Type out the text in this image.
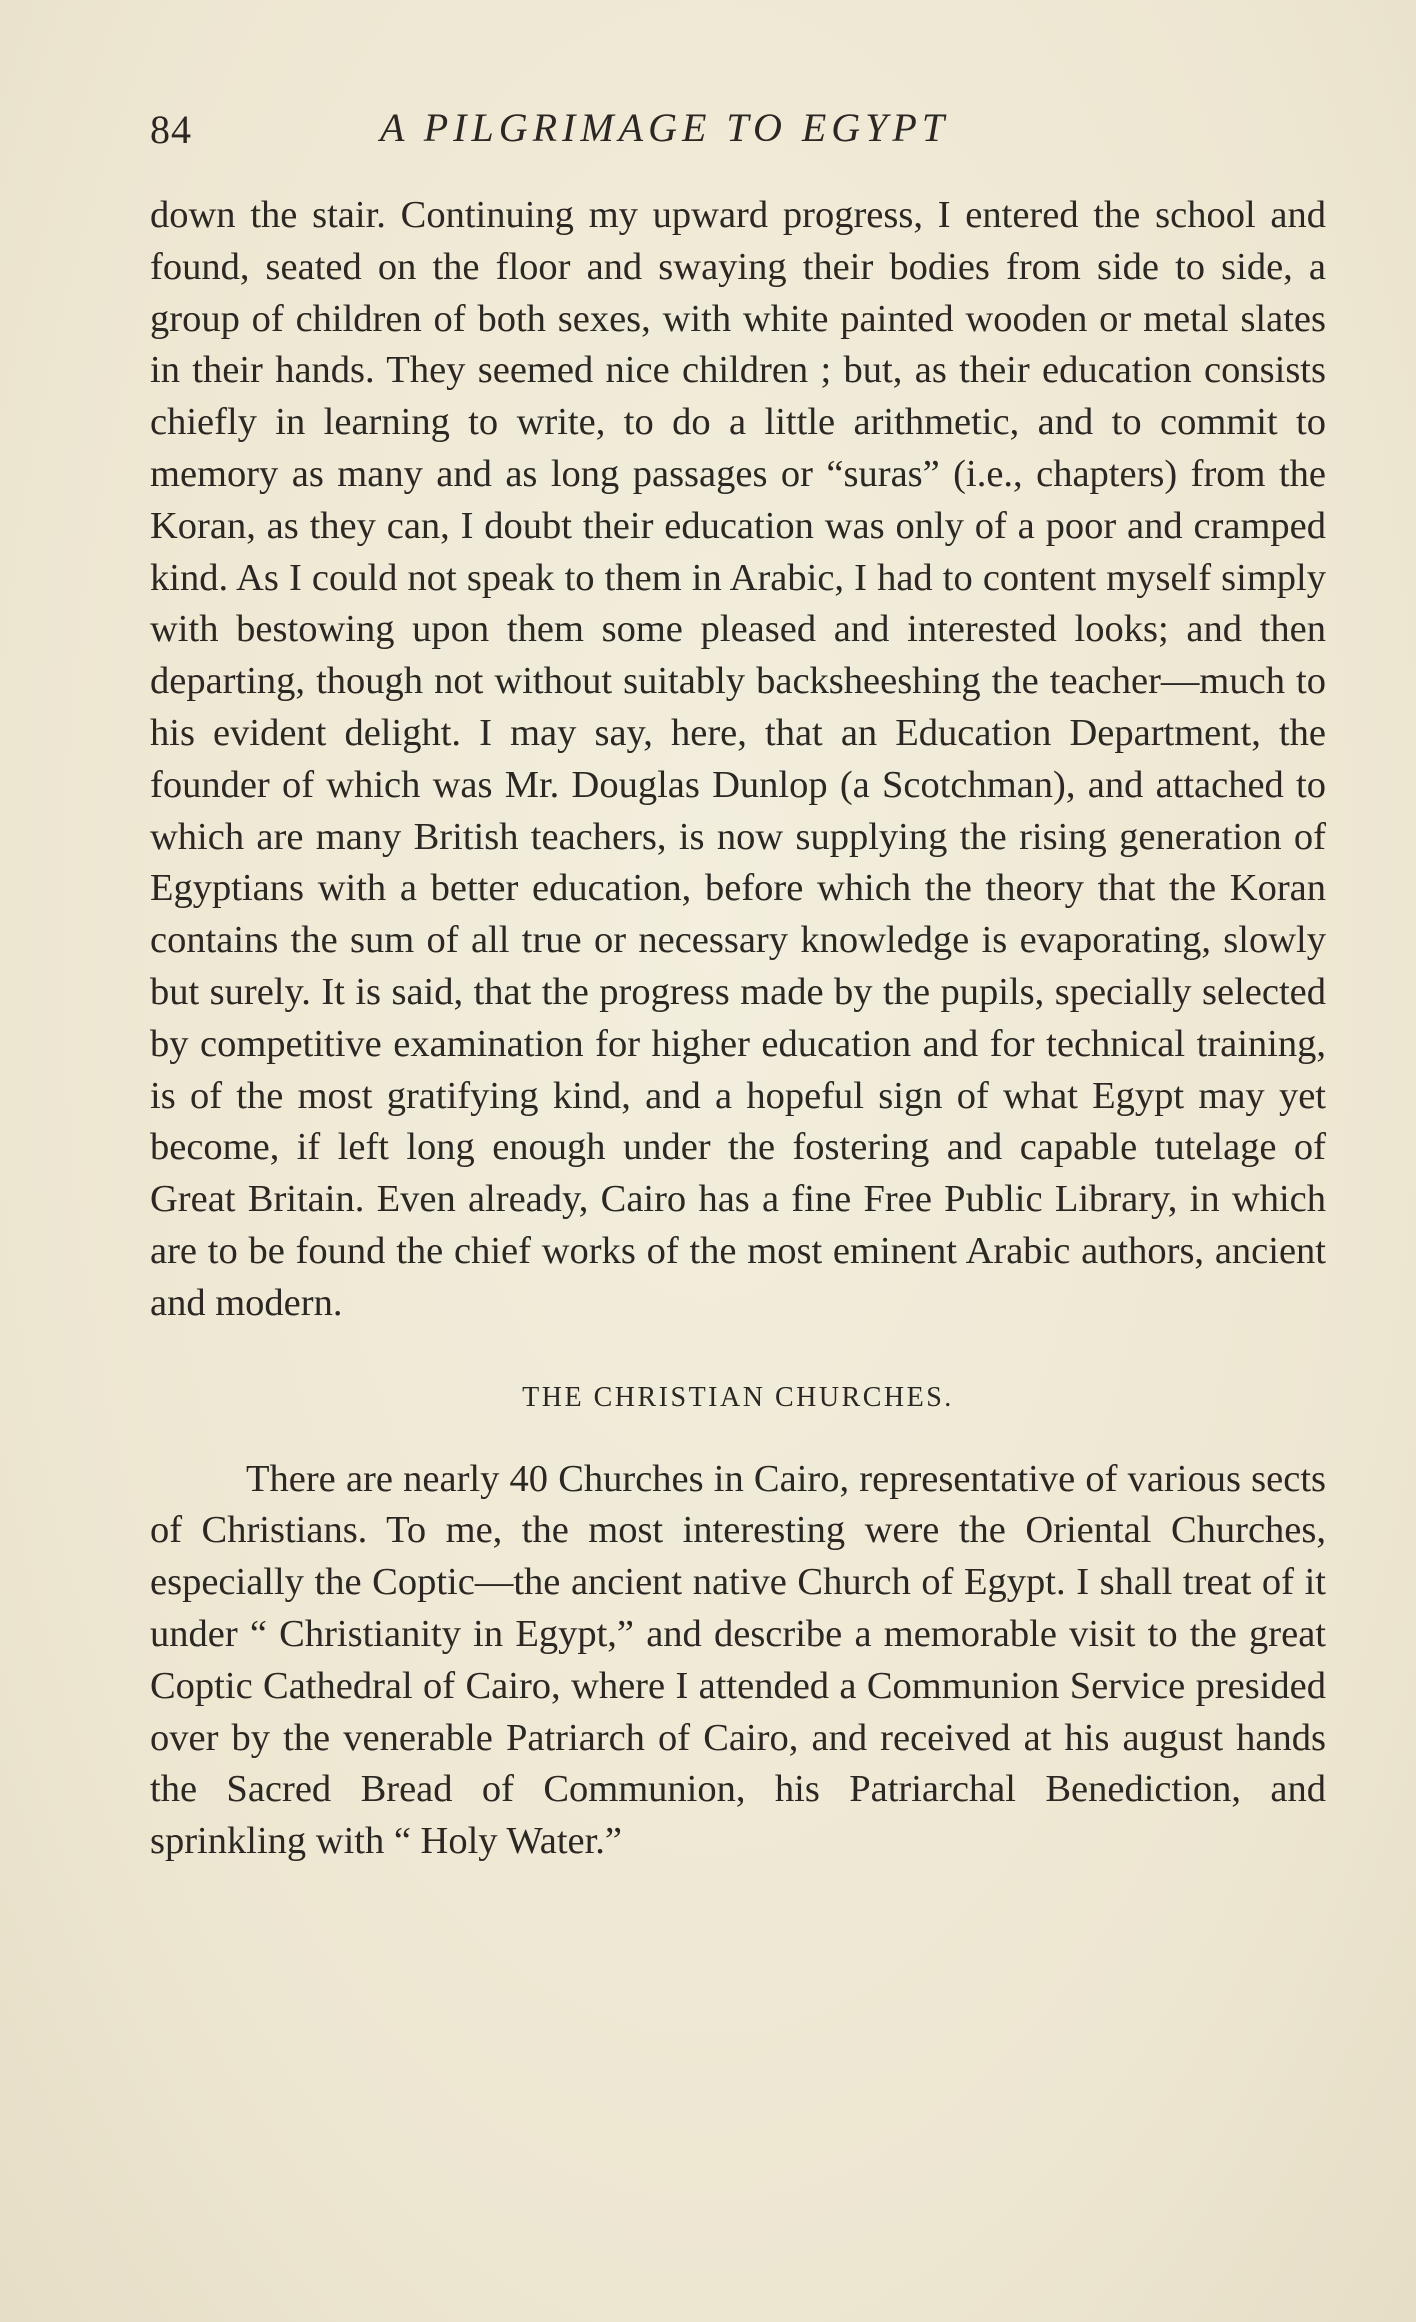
84	A PILGRIMAGE TO EGYPT

down the stair. Continuing my upward progress, I entered the school and found, seated on the floor and swaying their bodies from side to side, a group of children of both sexes, with white painted wooden or metal slates in their hands. They seemed nice children ; but, as their education consists chiefly in learning to write, to do a little arithmetic, and to commit to memory as many and as long passages or “suras” (i.e., chapters) from the Koran, as they can, I doubt their education was only of a poor and cramped kind. As I could not speak to them in Arabic, I had to content myself simply with bestowing upon them some pleased and interested looks; and then departing, though not without suitably backsheeshing the teacher—much to his evident delight. I may say, here, that an Education Department, the founder of which was Mr. Douglas Dunlop (a Scotchman), and attached to which are many British teachers, is now supplying the rising generation of Egyptians with a better education, before which the theory that the Koran contains the sum of all true or necessary knowledge is evaporating, slowly but surely. It is said, that the progress made by the pupils, specially selected by competitive examination for higher education and for technical training, is of the most gratifying kind, and a hopeful sign of what Egypt may yet become, if left long enough under the fostering and capable tutelage of Great Britain. Even already, Cairo has a fine Free Public Library, in which are to be found the chief works of the most eminent Arabic authors, ancient and modern.

THE CHRISTIAN CHURCHES.

There are nearly 40 Churches in Cairo, representative of various sects of Christians. To me, the most interesting were the Oriental Churches, especially the Coptic—the ancient native Church of Egypt. I shall treat of it under “ Christianity in Egypt,” and describe a memorable visit to the great Coptic Cathedral of Cairo, where I attended a Communion Service presided over by the venerable Patriarch of Cairo, and received at his august hands the Sacred Bread of Communion, his Patriarchal Benediction, and sprinkling with “ Holy Water.”
